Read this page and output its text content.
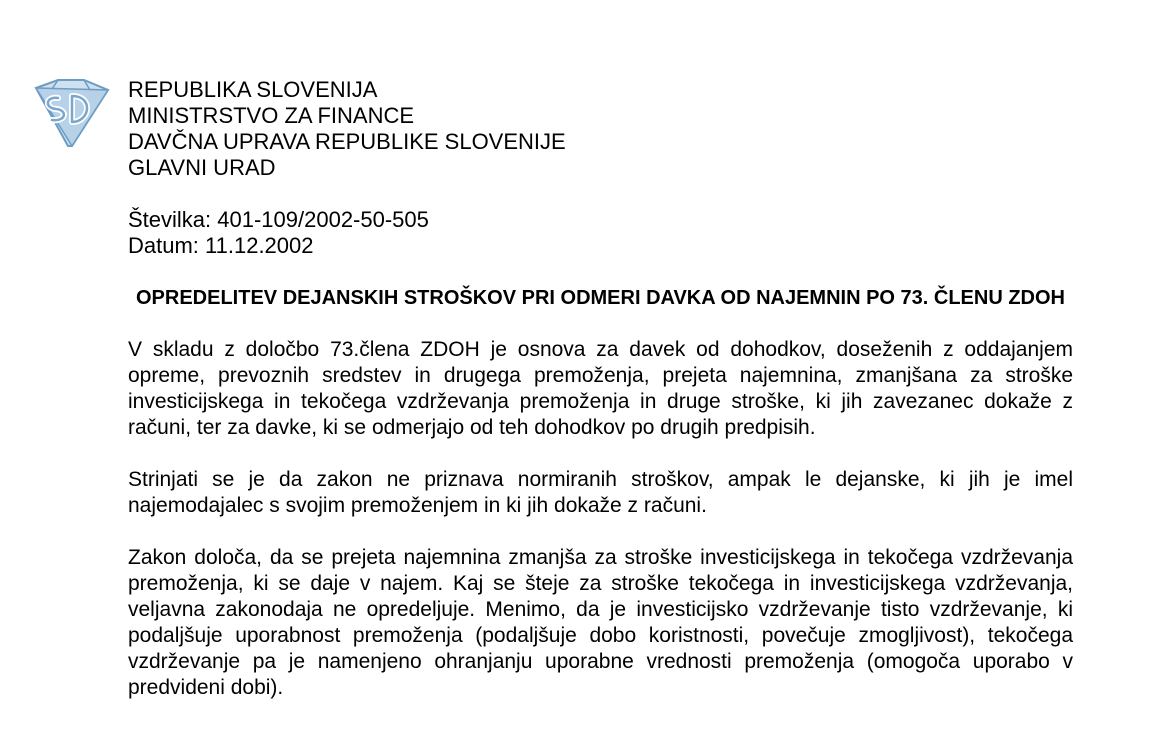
REPUBLIKA SLOVENIJA
MINISTRSTVO ZA FINANCE
DAVČNA UPRAVA REPUBLIKE SLOVENIJE
GLAVNI URAD
Številka: 401-109/2002-50-505
Datum: 11.12.2002
OPREDELITEV DEJANSKIH STROŠKOV PRI ODMERI DAVKA OD NAJEMNIN PO 73. ČLENU ZDOH
V skladu z določbo 73.člena ZDOH je osnova za davek od dohodkov, doseženih z oddajanjem opreme, prevoznih sredstev in drugega premoženja, prejeta najemnina, zmanjšana za stroške investicijskega in tekočega vzdrževanja premoženja in druge stroške, ki jih zavezanec dokaže z računi, ter za davke, ki se odmerjajo od teh dohodkov po drugih predpisih.
Strinjati se je da zakon ne priznava normiranih stroškov, ampak le dejanske, ki jih je imel najemodajalec s svojim premoženjem in ki jih dokaže z računi.
Zakon določa, da se prejeta najemnina zmanjša za stroške investicijskega in tekočega vzdrževanja premoženja, ki se daje v najem. Kaj se šteje za stroške tekočega in investicijskega vzdrževanja, veljavna zakonodaja ne opredeljuje. Menimo, da je investicijsko vzdrževanje tisto vzdrževanje, ki podaljšuje uporabnost premoženja (podaljšuje dobo koristnosti, povečuje zmogljivost), tekočega vzdrževanje pa je namenjeno ohranjanju uporabne vrednosti premoženja (omogoča uporabo v predvideni dobi).
